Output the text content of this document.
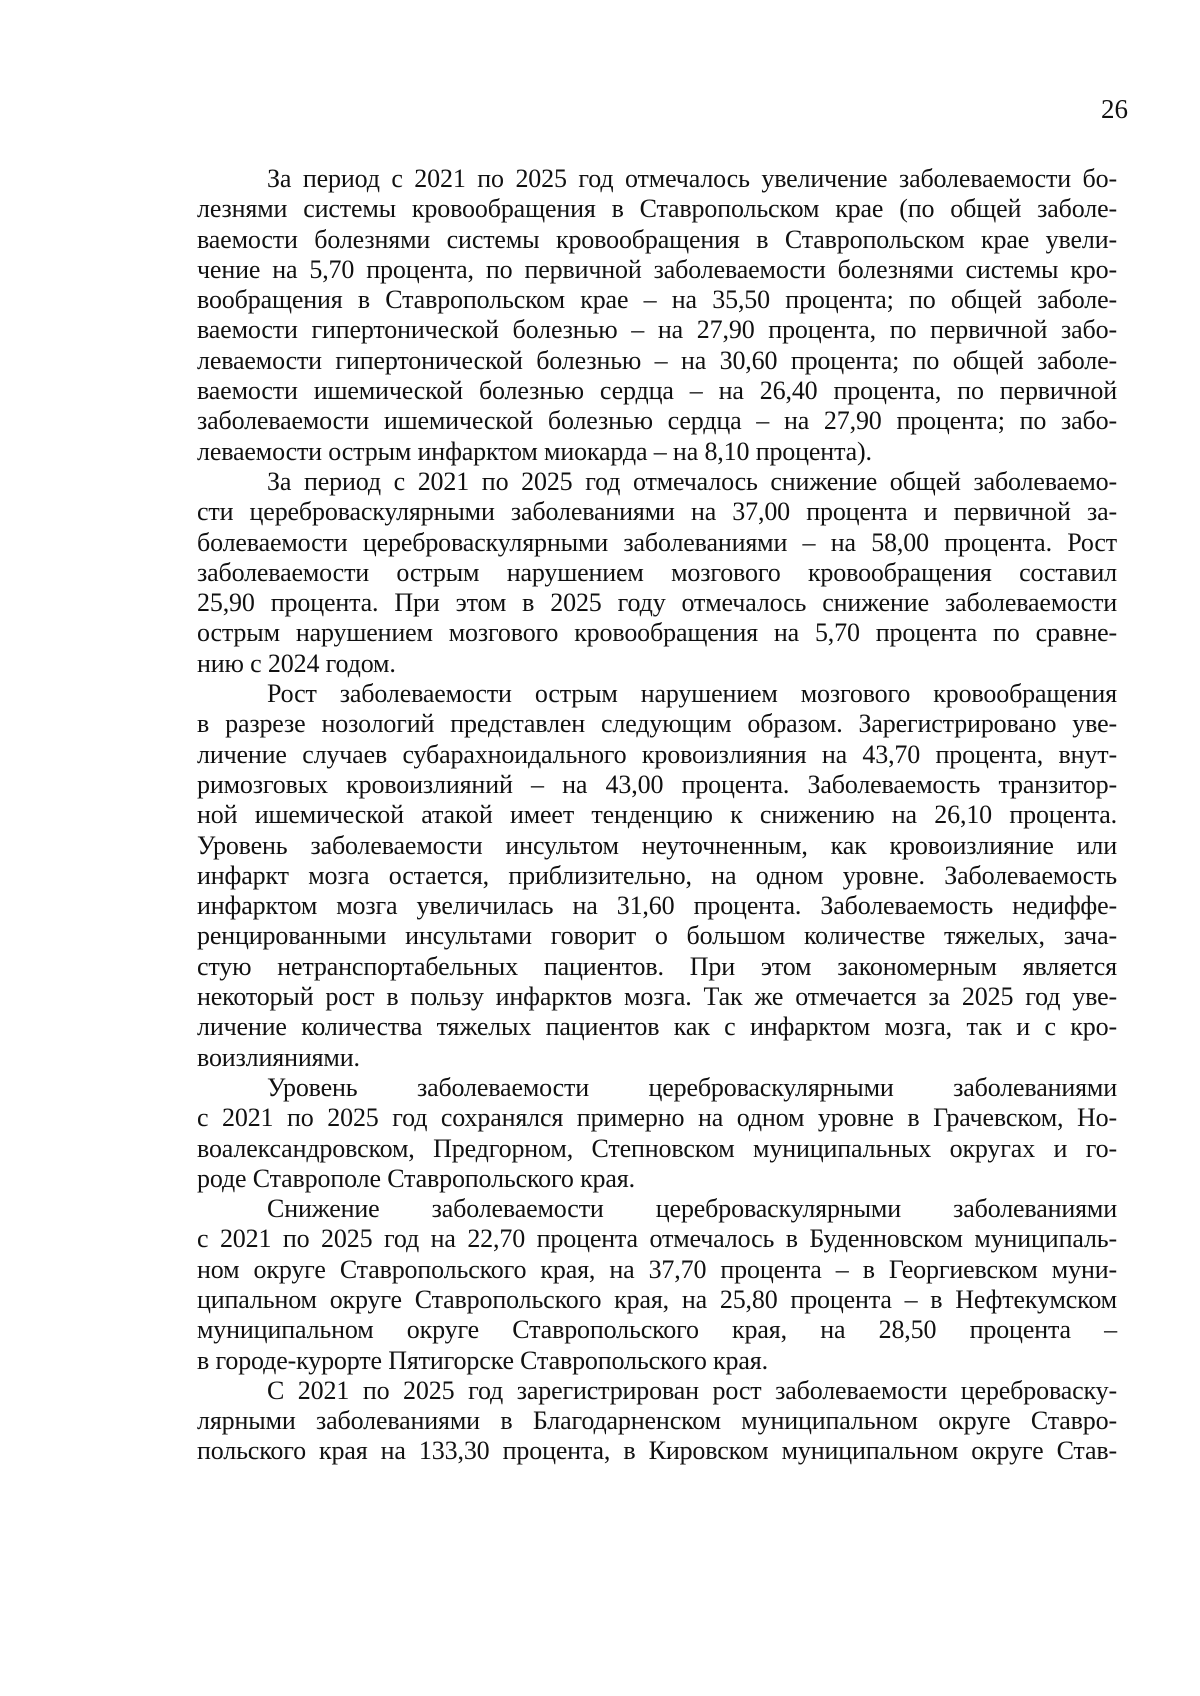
26
За период с 2021 по 2025 год отмечалось увеличение заболеваемости бо-
лезнями системы кровообращения в Ставропольском крае (по общей заболе-
ваемости болезнями системы кровообращения в Ставропольском крае увели-
чение на 5,70 процента, по первичной заболеваемости болезнями системы кро-
вообращения в Ставропольском крае – на 35,50 процента; по общей заболе-
ваемости гипертонической болезнью – на 27,90 процента, по первичной забо-
леваемости гипертонической болезнью – на 30,60 процента; по общей заболе-
ваемости ишемической болезнью сердца – на 26,40 процента, по первичной
заболеваемости ишемической болезнью сердца – на 27,90 процента; по забо-
леваемости острым инфарктом миокарда – на 8,10 процента).
За период с 2021 по 2025 год отмечалось снижение общей заболеваемо-
сти цереброваскулярными заболеваниями на 37,00 процента и первичной за-
болеваемости цереброваскулярными заболеваниями – на 58,00 процента. Рост
заболеваемости острым нарушением мозгового кровообращения составил
25,90 процента. При этом в 2025 году отмечалось снижение заболеваемости
острым нарушением мозгового кровообращения на 5,70 процента по сравне-
нию с 2024 годом.
Рост заболеваемости острым нарушением мозгового кровообращения
в разрезе нозологий представлен следующим образом. Зарегистрировано уве-
личение случаев субарахноидального кровоизлияния на 43,70 процента, внут-
римозговых кровоизлияний – на 43,00 процента. Заболеваемость транзитор-
ной ишемической атакой имеет тенденцию к снижению на 26,10 процента.
Уровень заболеваемости инсультом неуточненным, как кровоизлияние или
инфаркт мозга остается, приблизительно, на одном уровне. Заболеваемость
инфарктом мозга увеличилась на 31,60 процента. Заболеваемость недиффе-
ренцированными инсультами говорит о большом количестве тяжелых, зача-
стую нетранспортабельных пациентов. При этом закономерным является
некоторый рост в пользу инфарктов мозга. Так же отмечается за 2025 год уве-
личение количества тяжелых пациентов как с инфарктом мозга, так и с кро-
воизлияниями.
Уровень заболеваемости цереброваскулярными заболеваниями
с 2021 по 2025 год сохранялся примерно на одном уровне в Грачевском, Но-
воалександровском, Предгорном, Степновском муниципальных округах и го-
роде Ставрополе Ставропольского края.
Снижение заболеваемости цереброваскулярными заболеваниями
с 2021 по 2025 год на 22,70 процента отмечалось в Буденновском муниципаль-
ном округе Ставропольского края, на 37,70 процента – в Георгиевском муни-
ципальном округе Ставропольского края, на 25,80 процента – в Нефтекумском
муниципальном округе Ставропольского края, на 28,50 процента –
в городе-курорте Пятигорске Ставропольского края.
С 2021 по 2025 год зарегистрирован рост заболеваемости цереброваску-
лярными заболеваниями в Благодарненском муниципальном округе Ставро-
польского края на 133,30 процента, в Кировском муниципальном округе Став-
